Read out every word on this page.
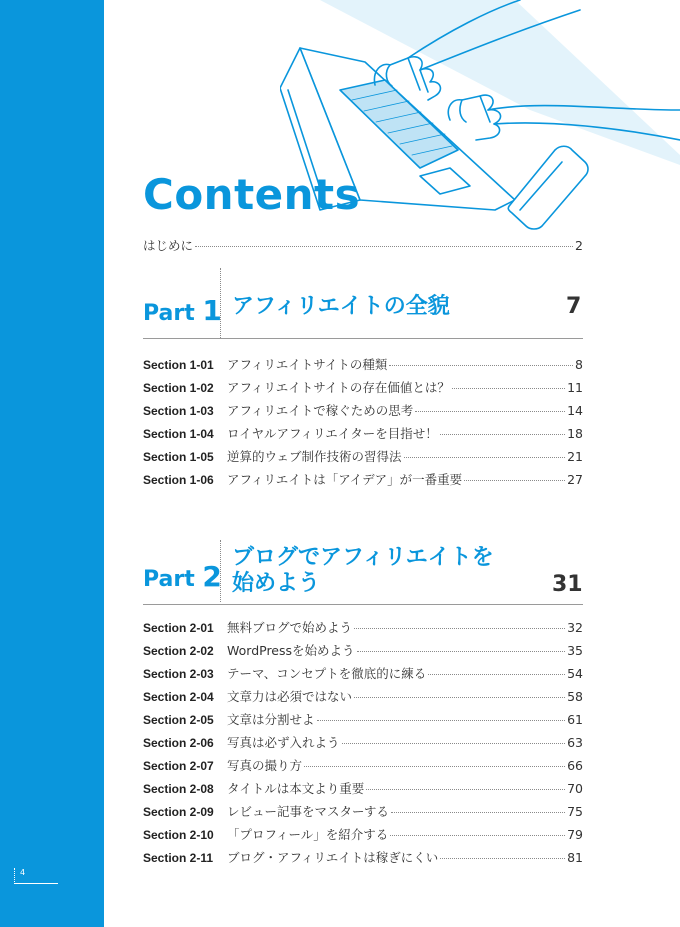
4
Contents
はじめに	2
Part 1 アフィリエイトの全貌	7
Section 1-01	アフィリエイトサイトの種類	8
Section 1-02	アフィリエイトサイトの存在価値とは？	11
Section 1-03	アフィリエイトで稼ぐための思考	14
Section 1-04	ロイヤルアフィリエイターを目指せ！	18
Section 1-05	逆算的ウェブ制作技術の習得法	21
Section 1-06	アフィリエイトは「アイデア」が一番重要	27
Part 2
ブログでアフィリエイトを
始めよう	31
Section 2-01	無料ブログで始めよう	32
Section 2-02	WordPressを始めよう	35
Section 2-03	テーマ、コンセプトを徹底的に練る	54
Section 2-04	文章力は必須ではない	58
Section 2-05	文章は分割せよ	61
Section 2-06	写真は必ず入れよう	63
Section 2-07	写真の撮り方	66
Section 2-08	タイトルは本文より重要	70
Section 2-09	レビュー記事をマスターする	75
Section 2-10	「プロフィール」を紹介する	79
Section 2-11	ブログ・アフィリエイトは稼ぎにくい	81
